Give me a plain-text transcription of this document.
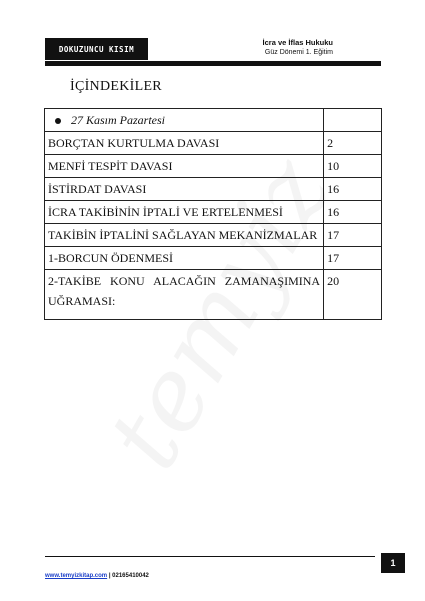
DOKUZUNCU KISIM
İcra ve İflas Hukuku
Güz Dönemi 1. Eğitim
İÇİNDEKİLER
27 Kasım Pazartesi	
BORÇTAN KURTULMA DAVASI	2
MENFİ TESPİT DAVASI	10
İSTİRDAT DAVASI	16
İCRA TAKİBİNİN İPTALİ VE ERTELENMESİ	16
TAKİBİN İPTALİNİ SAĞLAYAN MEKANİZMALAR	17
1-BORCUN ÖDENMESİ	17
2-TAKİBE KONU ALACAĞIN ZAMANAŞIMINA UĞRAMASI:	20
1
www.temyizkitap.com | 02165410042
